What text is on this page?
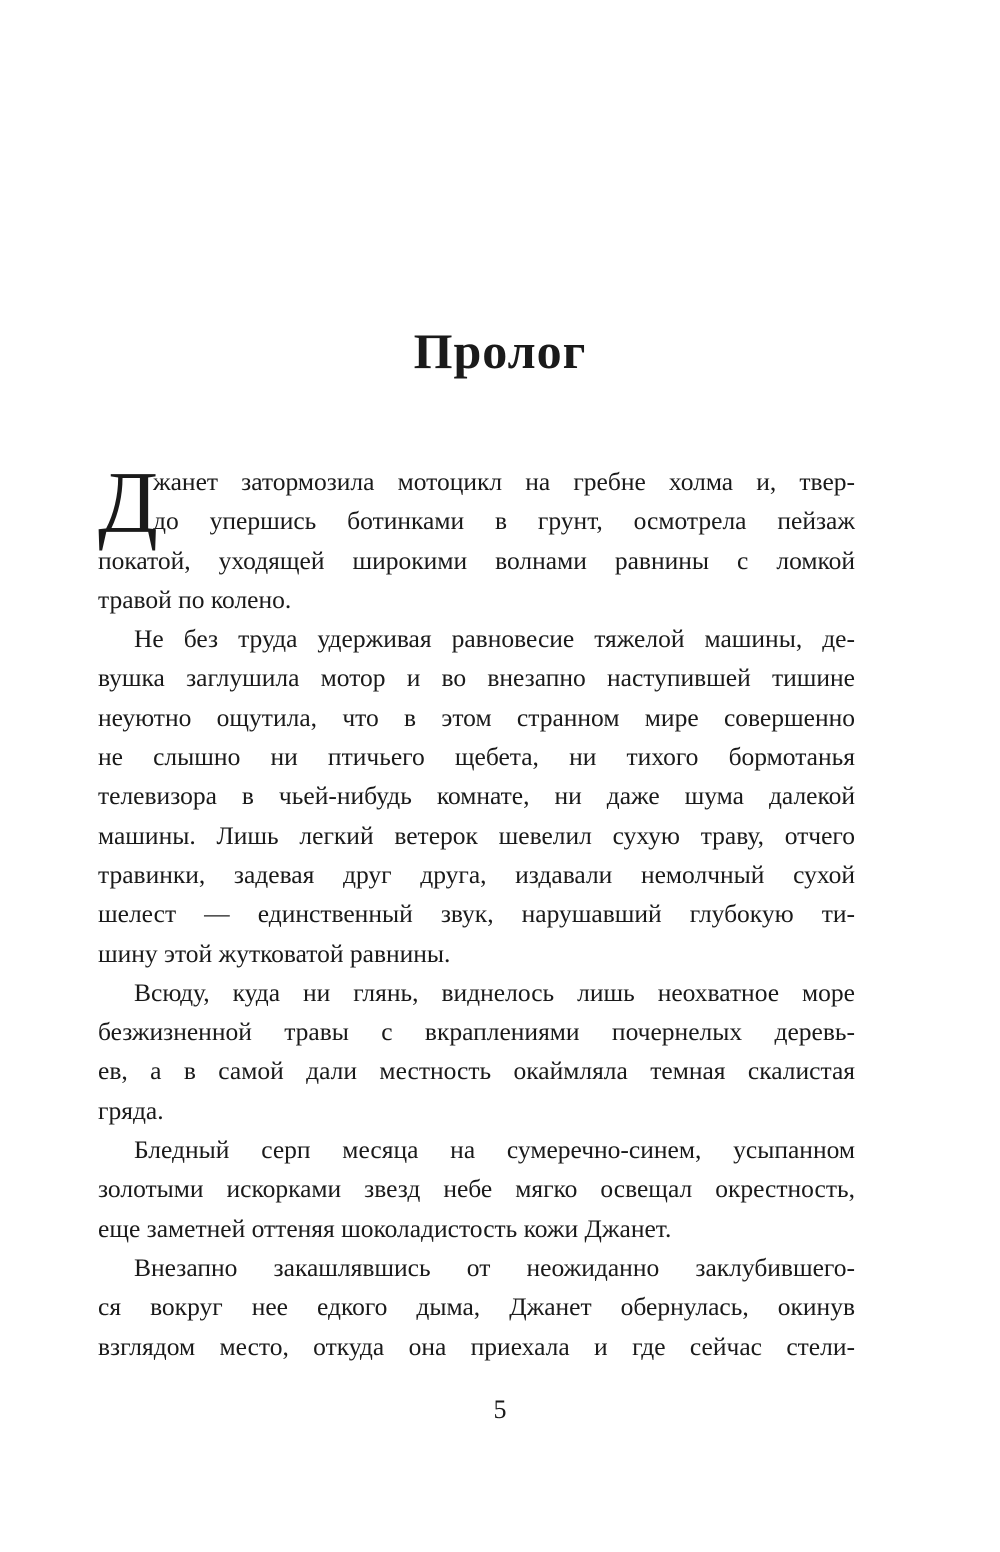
Пролог
Д
жанет затормозила мотоцикл на гребне холма и, твер-
до упершись ботинками в грунт, осмотрела пейзаж
покатой, уходящей широкими волнами равнины с ломкой
травой по колено.
Не без труда удерживая равновесие тяжелой машины, де-
вушка заглушила мотор и во внезапно наступившей тишине
неуютно ощутила, что в этом странном мире совершенно
не слышно ни птичьего щебета, ни тихого бормотанья
телевизора в чьей-нибудь комнате, ни даже шума далекой
машины. Лишь легкий ветерок шевелил сухую траву, отчего
травинки, задевая друг друга, издавали немолчный сухой
шелест — единственный звук, нарушавший глубокую ти-
шину этой жутковатой равнины.
Всюду, куда ни глянь, виднелось лишь неохватное море
безжизненной травы с вкраплениями почернелых деревь-
ев, а в самой дали местность окаймляла темная скалистая
гряда.
Бледный серп месяца на сумеречно-синем, усыпанном
золотыми искорками звезд небе мягко освещал окрестность,
еще заметней оттеняя шоколадистость кожи Джанет.
Внезапно закашлявшись от неожиданно заклубившего-
ся вокруг нее едкого дыма, Джанет обернулась, окинув
взглядом место, откуда она приехала и где сейчас стели-
5
